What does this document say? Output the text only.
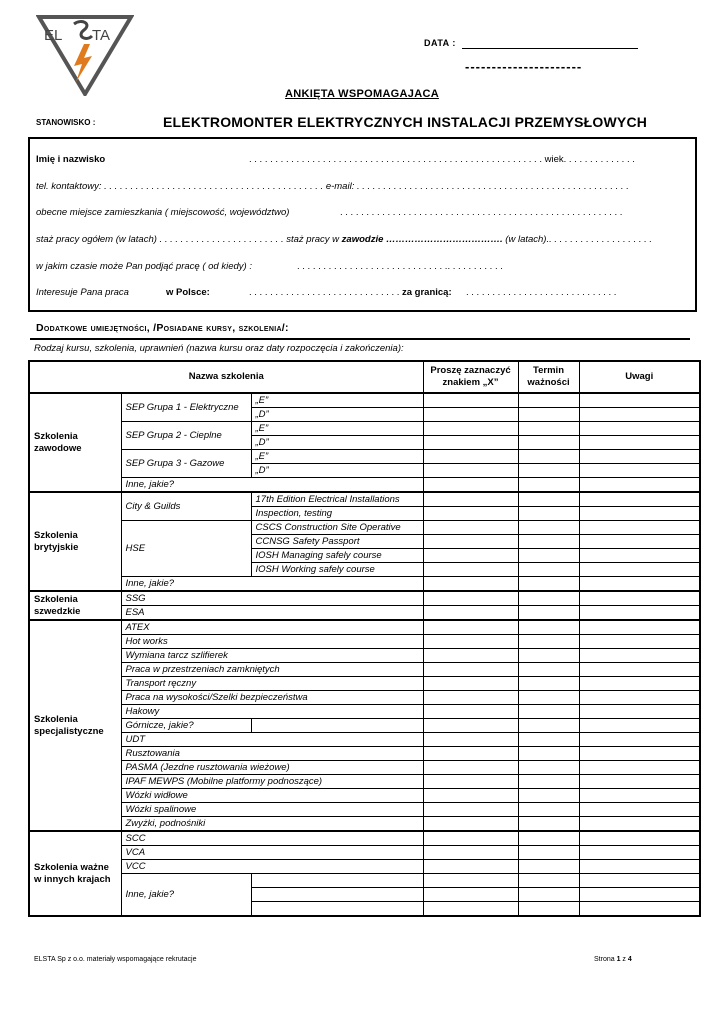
EL TA	DATA :
----------------------
ANKIĘTA WSPOMAGAJACA
STANOWISKO :	ELEKTROMONTER ELEKTRYCZNYCH INSTALACJI PRZEMYSŁOWYCH
Imię i nazwisko	. . . . . . . . . . . . . . . . . . . . . . . . . . . . . . . . . . . . . . . . . . . . . . . . . . . . . . . . wiek. . . . . . . . . . . . . .
tel. kontaktowy: . . . . . . . . . . . . . . . . . . . . . . . . . . . . . . . . . . . . . . . . . . e-mail: . . . . . . . . . . . . . . . . . . . . . . . . . . . . . . . . . . . . . . . . . . . . . . . . . . . .
obecne miejsce zamieszkania ( miejscowość, województwo)	. . . . . . . . . . . . . . . . . . . . . . . . . . . . . . . . . . . . . . . . . . . . . . . . . . . . . .
staż pracy ogółem (w latach) . . . . . . . . . . . . . . . . . . . . . . . . staż pracy w zawodzie ………………………………. (w latach).. . . . . . . . . . . . . . . . . . . .
w jakim czasie może Pan podjąć pracę ( od kiedy) :	. . . . . . . . . . . . . . . . . . . . . . . . . . . . .. . . . . . . . . . .
Interesuje Pana praca	w Polsce:	. . . . . . . . . . . . . . . . . . . . . . . . . . . . . za granicą: . . . . . . . . . . . . . . . . . . . . . . . . . . . . .
Dodatkowe umiejętności, /Posiadane kursy, szkolenia/:
Rodzaj kursu, szkolenia, uprawnień (nazwa kursu oraz daty rozpoczęcia i zakończenia):
Nazwa szkolenia			Proszę zaznaczyć znakiem „X”	Termin ważności	Uwagi
Szkolenia zawodowe	SEP Grupa 1 - Elektryczne	„E”			
		„D”			
	SEP Grupa 2 - Cieplne	„E”			
		„D”			
	SEP Grupa 3 - Gazowe	„E”			
		„D”			
	Inne, jakie?				
Szkolenia brytyjskie	City & Guilds	17th Edition Electrical Installations			
		Inspection, testing			
	HSE	CSCS Construction Site Operative			
		CCNSG Safety Passport			
		IOSH Managing safely course			
		IOSH Working safely course			
	Inne, jakie?				
Szkolenia szwedzkie	SSG				
	ESA				
Szkolenia specjalistyczne	ATEX				
	Hot works				
	Wymiana tarcz szlifierek				
	Praca w przestrzeniach zamkniętych				
	Transport ręczny				
	Praca na wysokości/Szelki bezpieczeństwa				
	Hakowy				
	Górnicze, jakie?				
	UDT				
	Rusztowania				
	PASMA (Jezdne rusztowania wieżowe)				
	IPAF MEWPS (Mobilne platformy podnoszące)				
	Wózki widłowe				
	Wózki spalinowe				
	Zwyżki, podnośniki				
Szkolenia ważne w innych krajach	SCC				
	VCA				
	VCC				
	Inne, jakie?				

ELSTA Sp z o.o. materiały wspomagające rekrutacje	Strona 1 z 4
